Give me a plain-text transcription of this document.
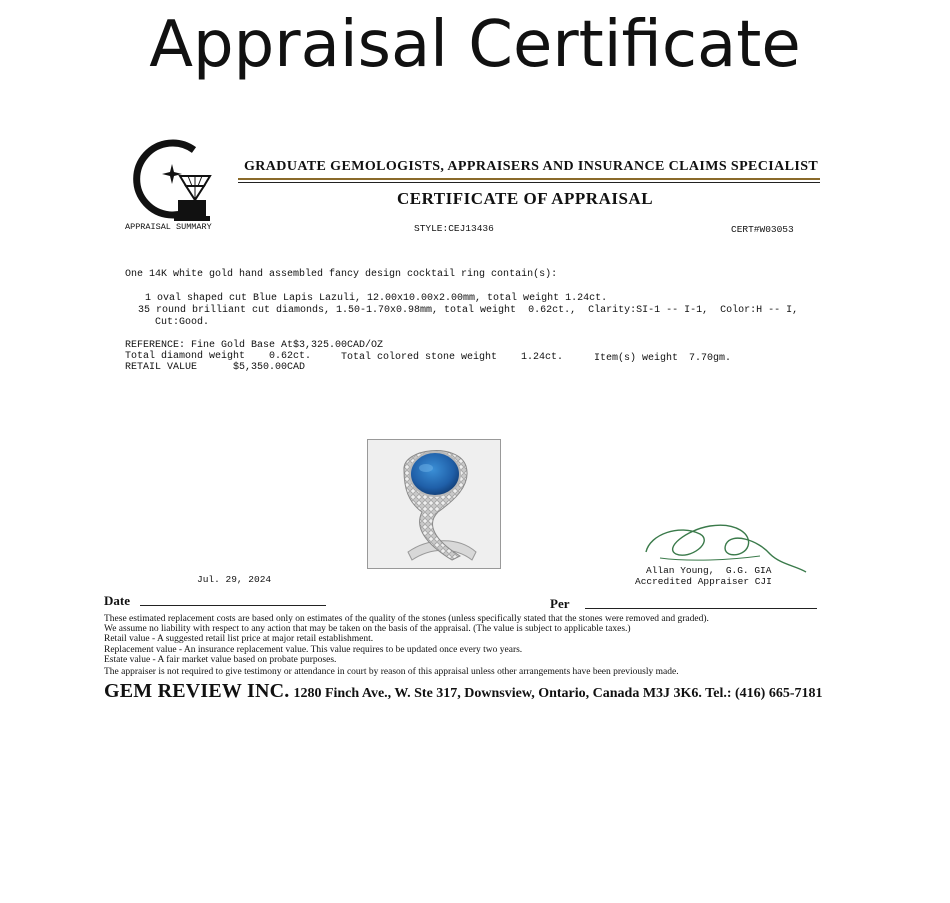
Appraisal Certificate
APPRAISAL SUMMARY
GRADUATE GEMOLOGISTS, APPRAISERS AND INSURANCE CLAIMS SPECIALIST
CERTIFICATE OF APPRAISAL
STYLE:CEJ13436	CERT#W03053
One 14K white gold hand assembled fancy design cocktail ring contain(s):
1 oval shaped cut Blue Lapis Lazuli, 12.00x10.00x2.00mm, total weight 1.24ct.
35 round brilliant cut diamonds, 1.50-1.70x0.98mm, total weight  0.62ct.,  Clarity:SI-1 -- I-1,  Color:H -- I,
Cut:Good.
REFERENCE: Fine Gold Base At$3,325.00CAD/OZ
Total diamond weight 0.62ct.	Total colored stone weight 1.24ct.	Item(s) weight 7.70gm.
RETAIL VALUE	$5,350.00CAD
Allan Young,  G.G. GIA
Accredited Appraiser CJI
Jul. 29, 2024
Date	Per
These estimated replacement costs are based only on estimates of the quality of the stones (unless specifically stated that the stones were removed and graded).
We assume no liability with respect to any action that may be taken on the basis of the appraisal. (The value is subject to applicable taxes.)
Retail value - A suggested retail list price at major retail establishment.
Replacement value - An insurance replacement value. This value requires to be updated once every two years.
Estate value - A fair market value based on probate purposes.
The appraiser is not required to give testimony or attendance in court by reason of this appraisal unless other arrangements have been previously made.
GEM REVIEW INC. 1280 Finch Ave., W. Ste 317, Downsview, Ontario, Canada M3J 3K6. Tel.: (416) 665-7181
